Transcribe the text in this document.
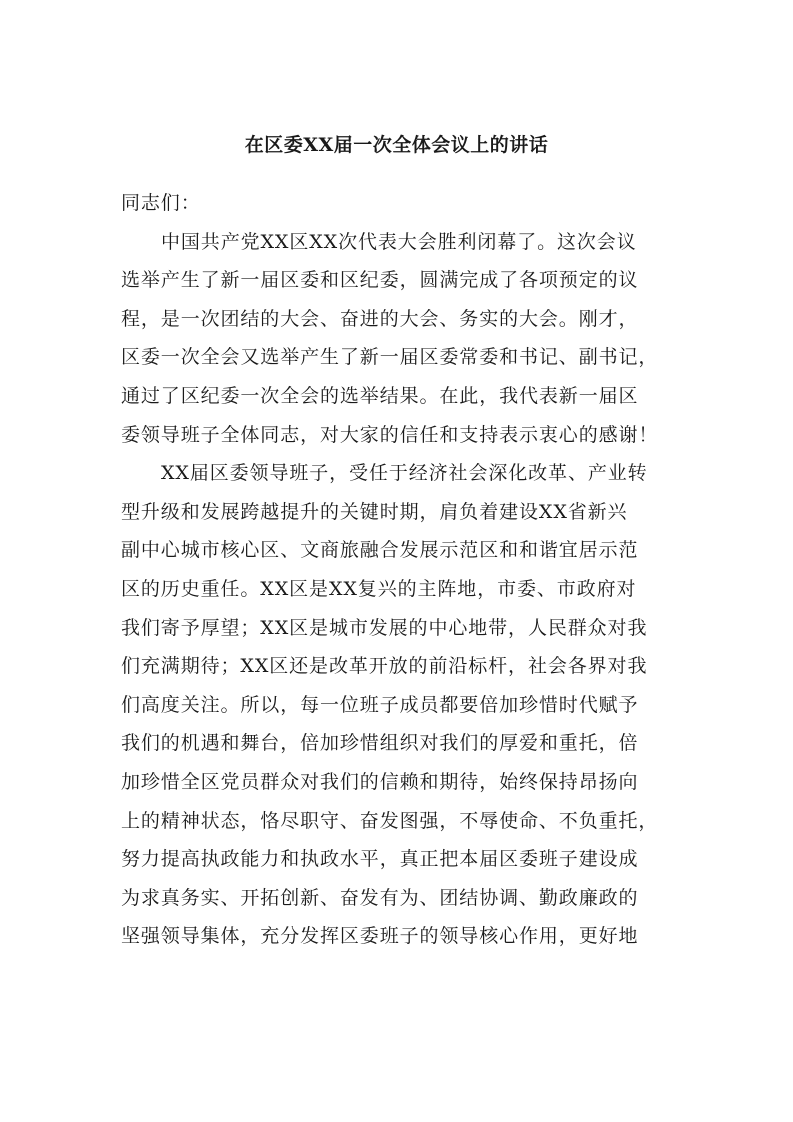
在区委XX届一次全体会议上的讲话
同志们：
中国共产党XX区XX次代表大会胜利闭幕了。这次会议
选举产生了新一届区委和区纪委，圆满完成了各项预定的议
程，是一次团结的大会、奋进的大会、务实的大会。刚才，
区委一次全会又选举产生了新一届区委常委和书记、副书记，
通过了区纪委一次全会的选举结果。在此，我代表新一届区
委领导班子全体同志，对大家的信任和支持表示衷心的感谢！
XX届区委领导班子，受任于经济社会深化改革、产业转
型升级和发展跨越提升的关键时期，肩负着建设XX省新兴
副中心城市核心区、文商旅融合发展示范区和和谐宜居示范
区的历史重任。XX区是XX复兴的主阵地，市委、市政府对
我们寄予厚望；XX区是城市发展的中心地带，人民群众对我
们充满期待；XX区还是改革开放的前沿标杆，社会各界对我
们高度关注。所以，每一位班子成员都要倍加珍惜时代赋予
我们的机遇和舞台，倍加珍惜组织对我们的厚爱和重托，倍
加珍惜全区党员群众对我们的信赖和期待，始终保持昂扬向
上的精神状态，恪尽职守、奋发图强，不辱使命、不负重托，
努力提高执政能力和执政水平，真正把本届区委班子建设成
为求真务实、开拓创新、奋发有为、团结协调、勤政廉政的
坚强领导集体，充分发挥区委班子的领导核心作用，更好地
